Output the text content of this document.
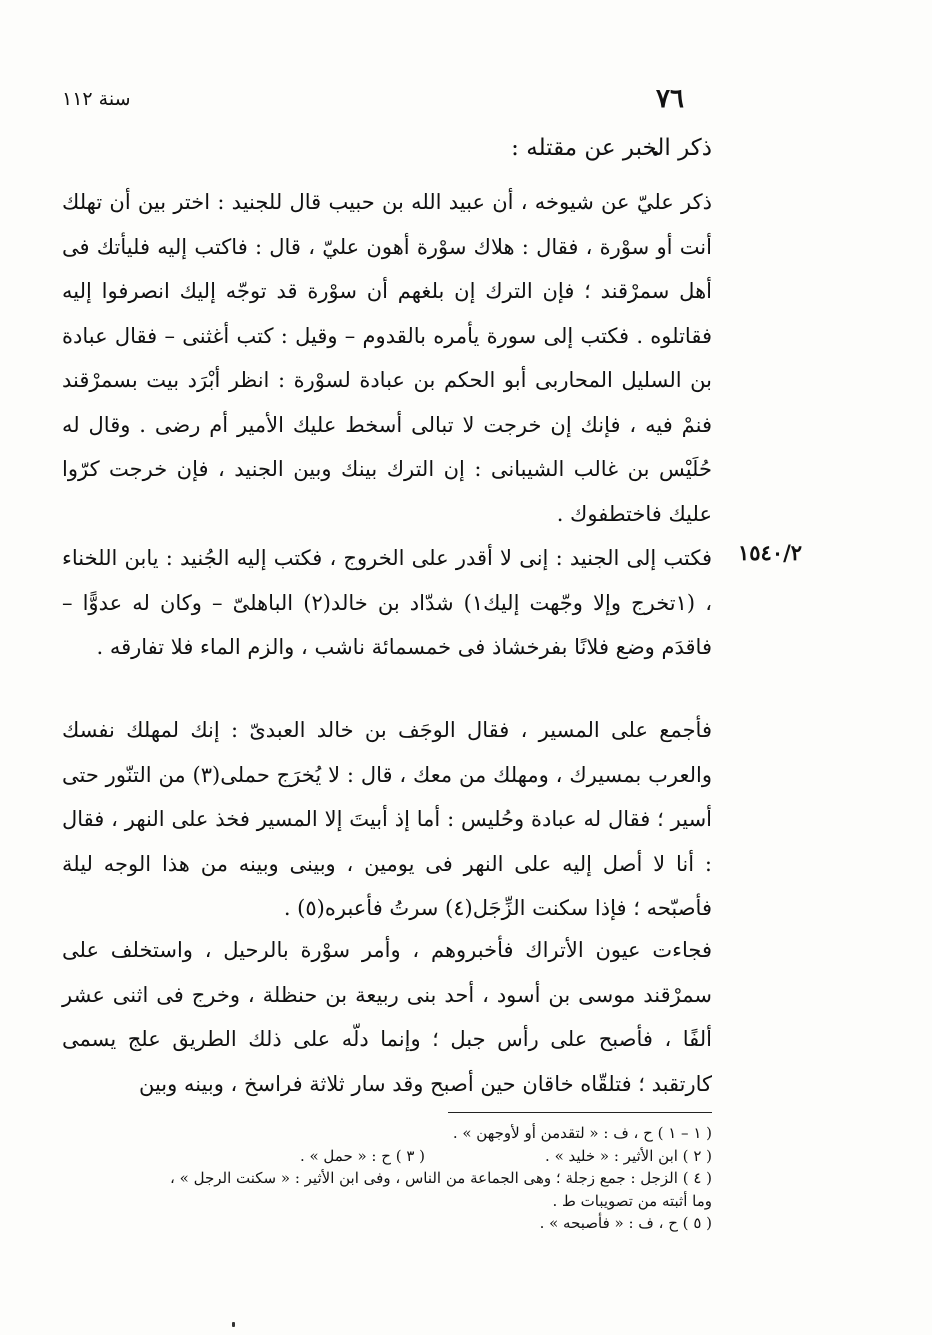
سنة ١١٢	٧٦
ذكر الخبر عن مقتله :
١٥٤٠/٢

ذكر عليّ عن شيوخه ، أن عبيد الله بن حبيب قال للجنيد : اختر بين أن تهلك أنت أو سوْرة ، فقال : هلاك سوْرة أهون عليّ ، قال : فاكتب إليه فليأتك فى أهل سمرْقند ؛ فإن الترك إن بلغهم أن سوْرة قد توجّه إليك انصرفوا إليه فقاتلوه . فكتب إلى سورة يأمره بالقدوم – وقيل : كتب أغثنى – فقال عبادة بن السليل المحاربى أبو الحكم بن عبادة لسوْرة : انظر أبْرَد بيت بسمرْقند فنمْ فيه ، فإنك إن خرجت لا تبالى أسخط عليك الأمير أم رضى . وقال له حُلَيْس بن غالب الشيبانى : إن الترك بينك وبين الجنيد ، فإن خرجت كرّوا عليك فاختطفوك .

فكتب إلى الجنيد : إنى لا أقدر على الخروج ، فكتب إليه الجُنيد : يابن اللخناء ، (١تخرج وإلا وجّهت إليك١) شدّاد بن خالد(٢) الباهلىّ – وكان له عدوًّا – فاقدَم وضع فلانًا بفرخشاذ فى خمسمائة ناشب ، والزم الماء فلا تفارقه .

فأجمع على المسير ، فقال الوجَف بن خالد العبدىّ : إنك لمهلك نفسك والعرب بمسيرك ، ومهلك من معك ، قال : لا يُخرَج حملى(٣) من التنّور حتى أسير ؛ فقال له عبادة وحُليس : أما إذ أبيتَ إلا المسير فخذ على النهر ، فقال : أنا لا أصل إليه على النهر فى يومين ، وبينى وبينه من هذا الوجه ليلة فأصبّحه ؛ فإذا سكنت الزِّجَل(٤) سرتُ فأعبره(٥) .

فجاءت عيون الأتراك فأخبروهم ، وأمر سوْرة بالرحيل ، واستخلف على سمرْقند موسى بن أسود ، أحد بنى ربيعة بن حنظلة ، وخرج فى اثنى عشر ألفًا ، فأصبح على رأس جبل ؛ وإنما دلّه على ذلك الطريق علج يسمى كارتقبد ؛ فتلقّاه خاقان حين أصبح وقد سار ثلاثة فراسخ ، وبينه وبين

( ١ – ١ ) ح ، ف : « لتقدمن أو لأوجهن » .
( ٢ ) ابن الأثير : « خليد » .
( ٣ ) ح : « حمل » .
( ٤ ) الزجل : جمع زجلة ؛ وهى الجماعة من الناس ، وفى ابن الأثير : « سكنت الرجل » ،
وما أثبته من تصويبات ط .
( ٥ ) ح ، ف : « فأصبحه » .
